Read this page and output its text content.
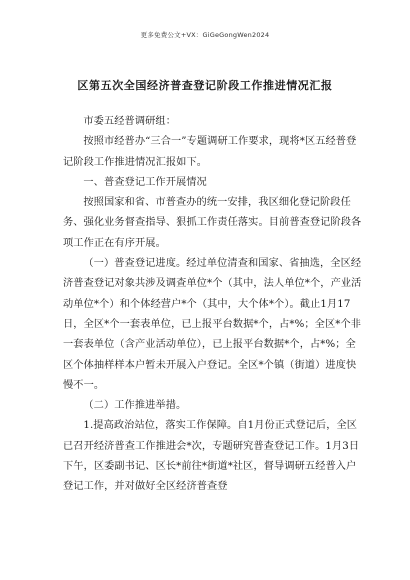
更多免费公文+VX：GiGeGongWen2024
区第五次全国经济普查登记阶段工作推进情况汇报

市委五经普调研组：

按照市经普办“三合一”专题调研工作要求，现将*区五经普登记阶段工作推进情况汇报如下。

一、普查登记工作开展情况

按照国家和省、市普查办的统一安排，我区细化登记阶段任务、强化业务督查指导、狠抓工作责任落实。目前普查登记阶段各项工作正在有序开展。

（一）普查登记进度。经过单位清查和国家、省抽选，全区经济普查登记对象共涉及调查单位*个（其中，法人单位*个，产业活动单位*个）和个体经营户*个（其中，大个体*个）。截止1月17日，全区*个一套表单位，已上报平台数据*个，占*%；全区*个非一套表单位（含产业活动单位），已上报平台数据*个，占*%；全区个体抽样样本户暂未开展入户登记。全区*个镇（街道）进度快慢不一。

（二）工作推进举措。

1.提高政治站位，落实工作保障。自1月份正式登记后，全区已召开经济普查工作推进会*次，专题研究普查登记工作。1月3日下午，区委副书记、区长*前往*街道*社区，督导调研五经普入户登记工作，并对做好全区经济普查登
